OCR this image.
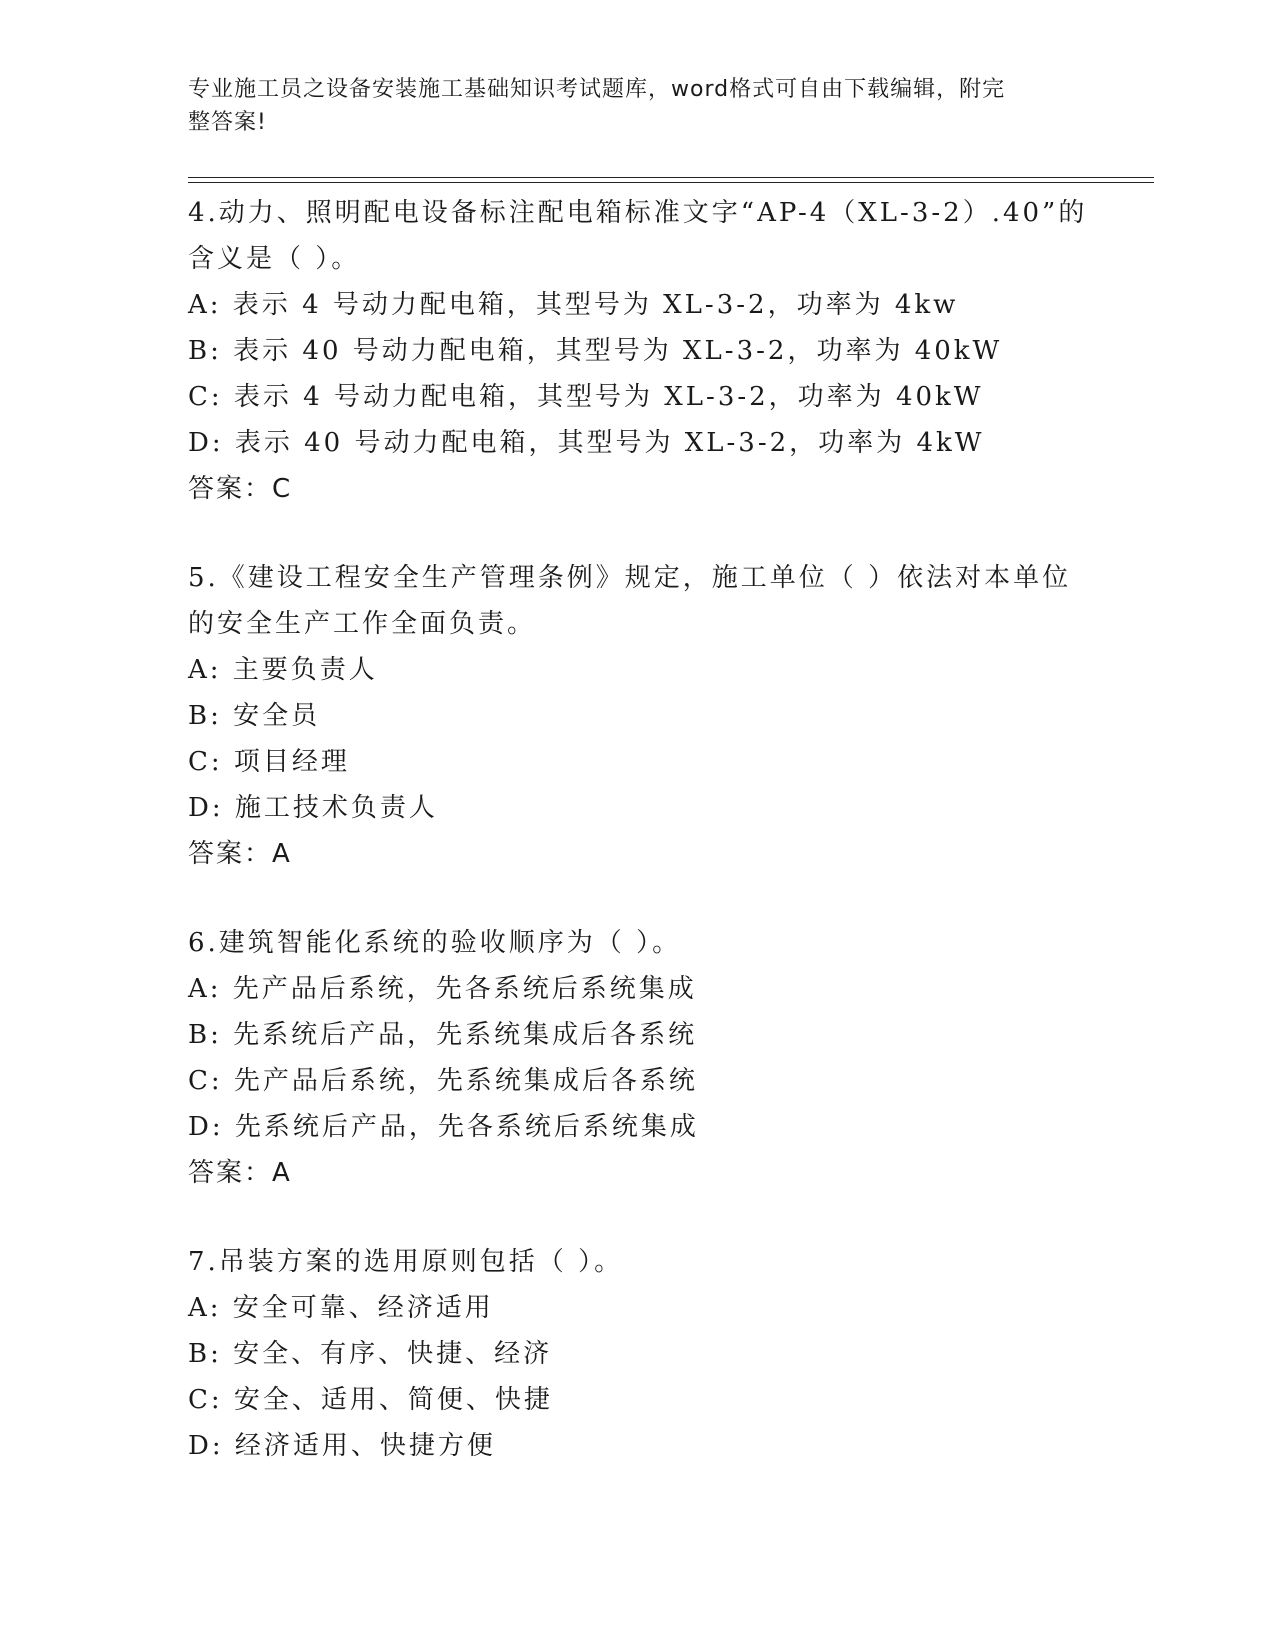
专业施工员之设备安装施工基础知识考试题库，word格式可自由下载编辑，附完
整答案!
4.动力、照明配电设备标注配电箱标准文字“AP-4（XL-3-2）.40”的
含义是（ ）。
A: 表示 4 号动力配电箱，其型号为 XL-3-2，功率为 4kw
B: 表示 40 号动力配电箱，其型号为 XL-3-2，功率为 40kW
C: 表示 4 号动力配电箱，其型号为 XL-3-2，功率为 40kW
D: 表示 40 号动力配电箱，其型号为 XL-3-2，功率为 4kW
答案：C
5.《建设工程安全生产管理条例》规定，施工单位（ ）依法对本单位
的安全生产工作全面负责。
A: 主要负责人
B: 安全员
C: 项目经理
D: 施工技术负责人
答案：A
6.建筑智能化系统的验收顺序为（ ）。
A: 先产品后系统，先各系统后系统集成
B: 先系统后产品，先系统集成后各系统
C: 先产品后系统，先系统集成后各系统
D: 先系统后产品，先各系统后系统集成
答案：A
7.吊装方案的选用原则包括（ ）。
A: 安全可靠、经济适用
B: 安全、有序、快捷、经济
C: 安全、适用、简便、快捷
D: 经济适用、快捷方便
